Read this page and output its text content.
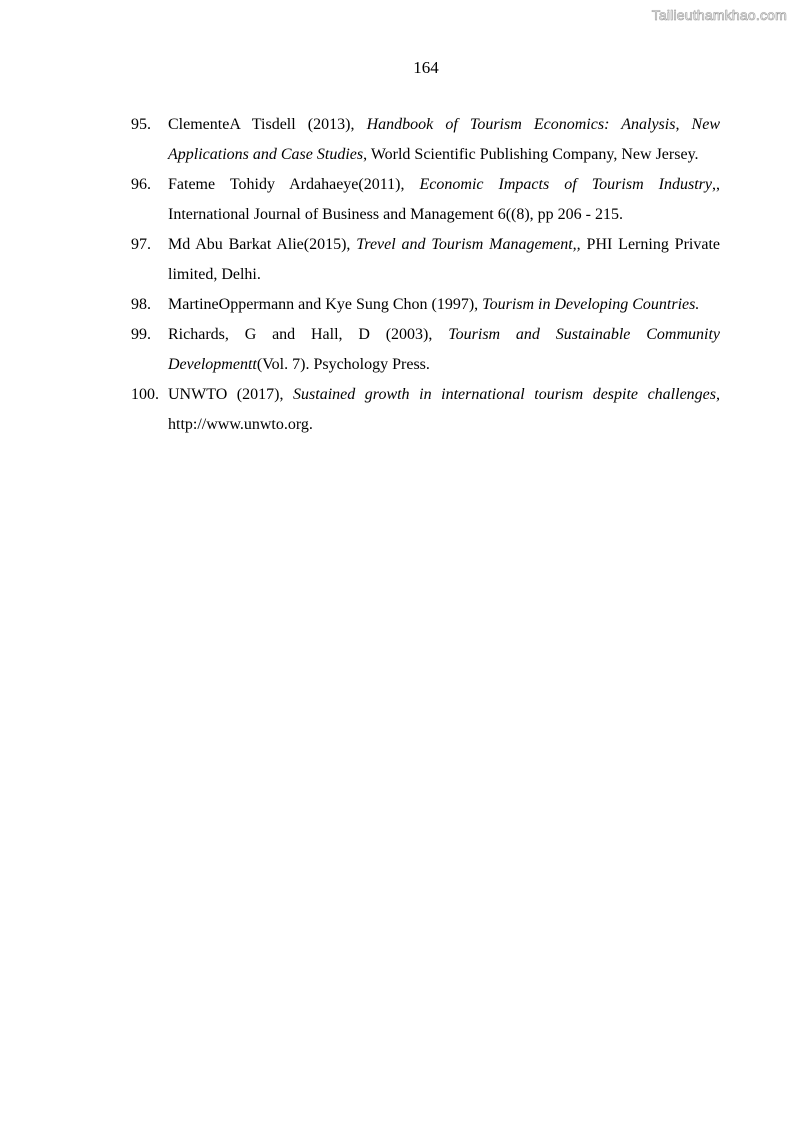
Tailieuthamkhao.com
164
95. ClementeA Tisdell (2013), Handbook of Tourism Economics: Analysis, New Applications and Case Studies, World Scientific Publishing Company, New Jersey.
96. Fateme Tohidy Ardahaeye(2011), Economic Impacts of Tourism Industry,, International Journal of Business and Management 6((8), pp 206 - 215.
97. Md Abu Barkat Alie(2015), Trevel and Tourism Management,, PHI Lerning Private limited, Delhi.
98. MartineOppermann and Kye Sung Chon (1997), Tourism in Developing Countries.
99. Richards, G and Hall, D (2003), Tourism and Sustainable Community Developmentt(Vol. 7). Psychology Press.
100. UNWTO (2017), Sustained growth in international tourism despite challenges, http://www.unwto.org.
